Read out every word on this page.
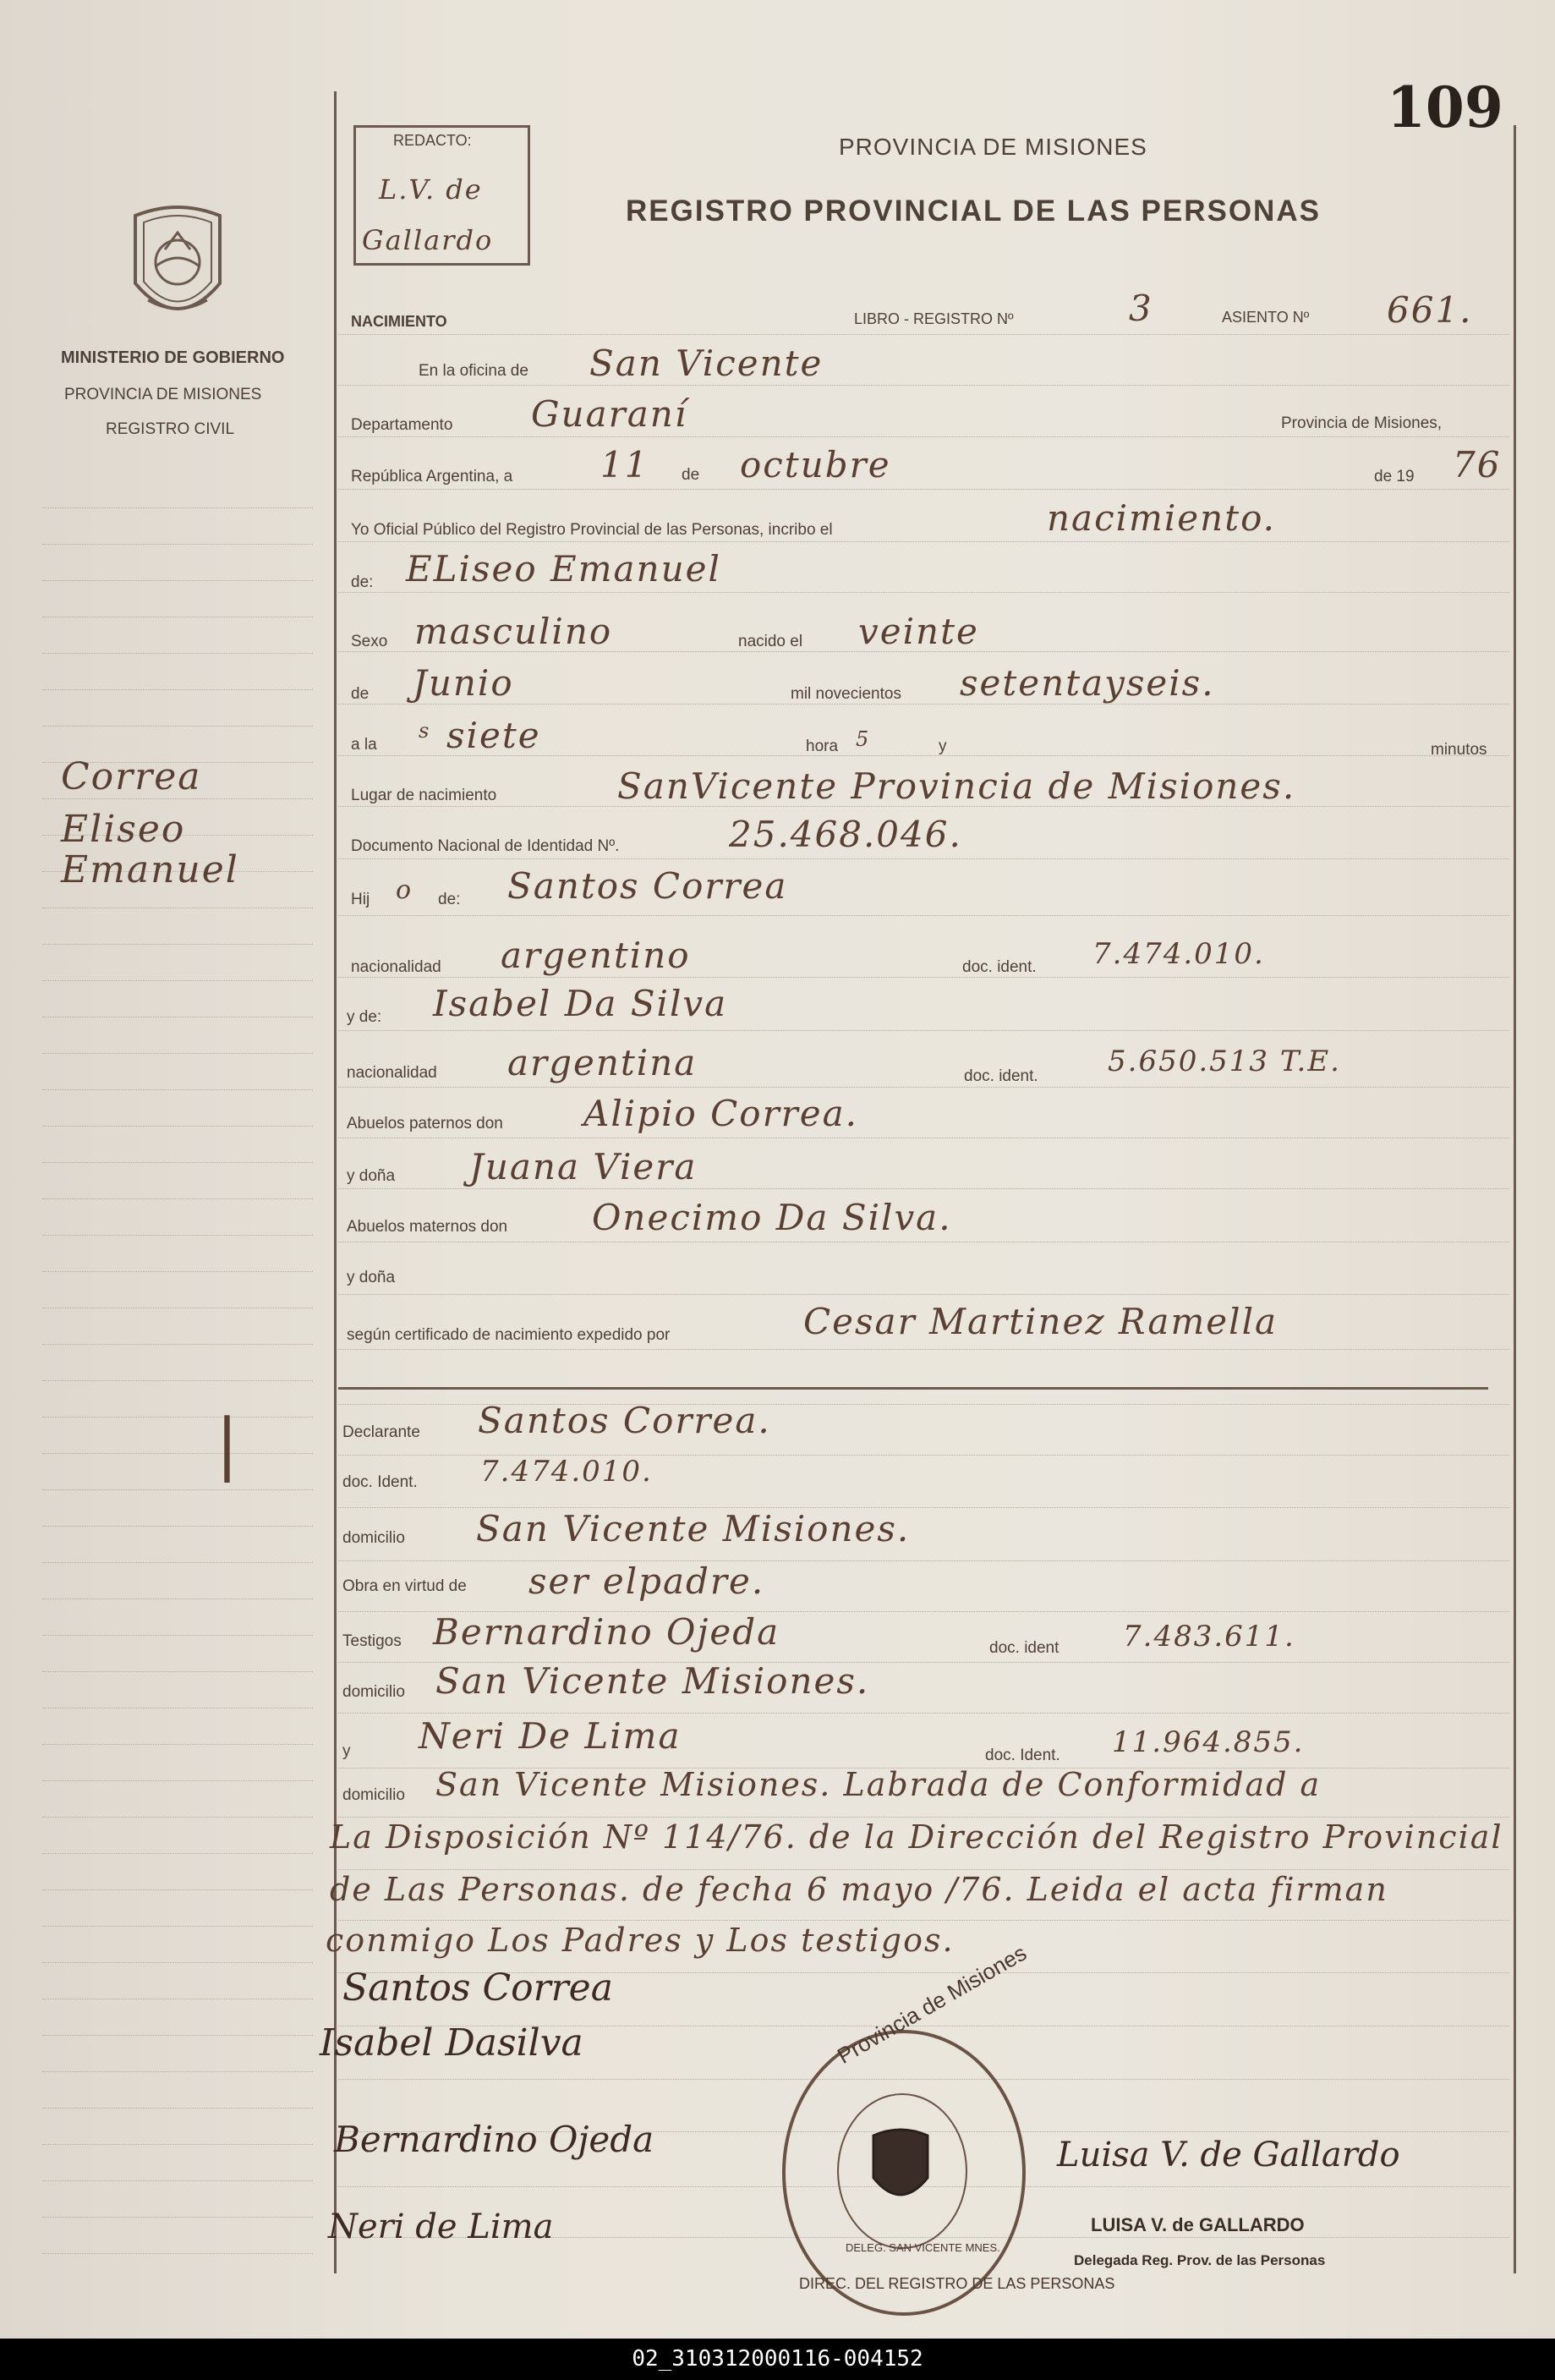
109
REDACTO:
L.V. de
Gallardo
PROVINCIA DE MISIONES
REGISTRO PROVINCIAL DE LAS PERSONAS
MINISTERIO DE GOBIERNO
PROVINCIA DE MISIONES
REGISTRO CIVIL
Correa
Eliseo
Emanuel
|
NACIMIENTO	LIBRO - REGISTRO Nº	3	ASIENTO Nº 661.
En la oficina de San Vicente
Departamento Guaraní	Provincia de Misiones,
República Argentina, a 11 de octubre	de 19 76
Yo Oficial Público del Registro Provincial de las Personas, incribo el	nacimiento.
de: ELiseo Emanuel
Sexo masculino	nacido el veinte
de Junio	mil novecientos setentayseis.
a la
s siete	hora 5	y	minutos
Lugar de nacimiento	SanVicente Provincia de Misiones.
Documento Nacional de Identidad Nº.	25.468.046.
Hij o de: Santos Correa
nacionalidad argentino	doc. ident. 7.474.010.
y de: Isabel Da Silva
nacionalidad argentina	doc. ident. 5.650.513 T.E.
Abuelos paternos don Alipio Correa.
y doña Juana Viera
Abuelos maternos don Onecimo Da Silva.
y doña
según certificado de nacimiento expedido por	Cesar Martinez Ramella
Declarante Santos Correa.
doc. Ident. 7.474.010.
domicilio San Vicente Misiones.
Obra en virtud de ser elpadre.
Testigos Bernardino Ojeda	doc. ident 7.483.611.
domicilio San Vicente Misiones.
y Neri De Lima	doc. Ident. 11.964.855.
domicilio San Vicente Misiones. Labrada de Conformidad a
La Disposición Nº 114/76. de la Dirección del Registro Provincial
de Las Personas. de fecha 6 mayo /76. Leida el acta firman
conmigo Los Padres y Los testigos.
Santos Correa
Isabel Dasilva
Bernardino Ojeda
Neri de Lima
Luisa V. de Gallardo
LUISA V. de GALLARDO
Delegada Reg. Prov. de las Personas
Provincia de Misiones
DIREC. DEL REGISTRO DE LAS PERSONAS
DELEG. SAN VICENTE MNES.
02_310312000116-004152
